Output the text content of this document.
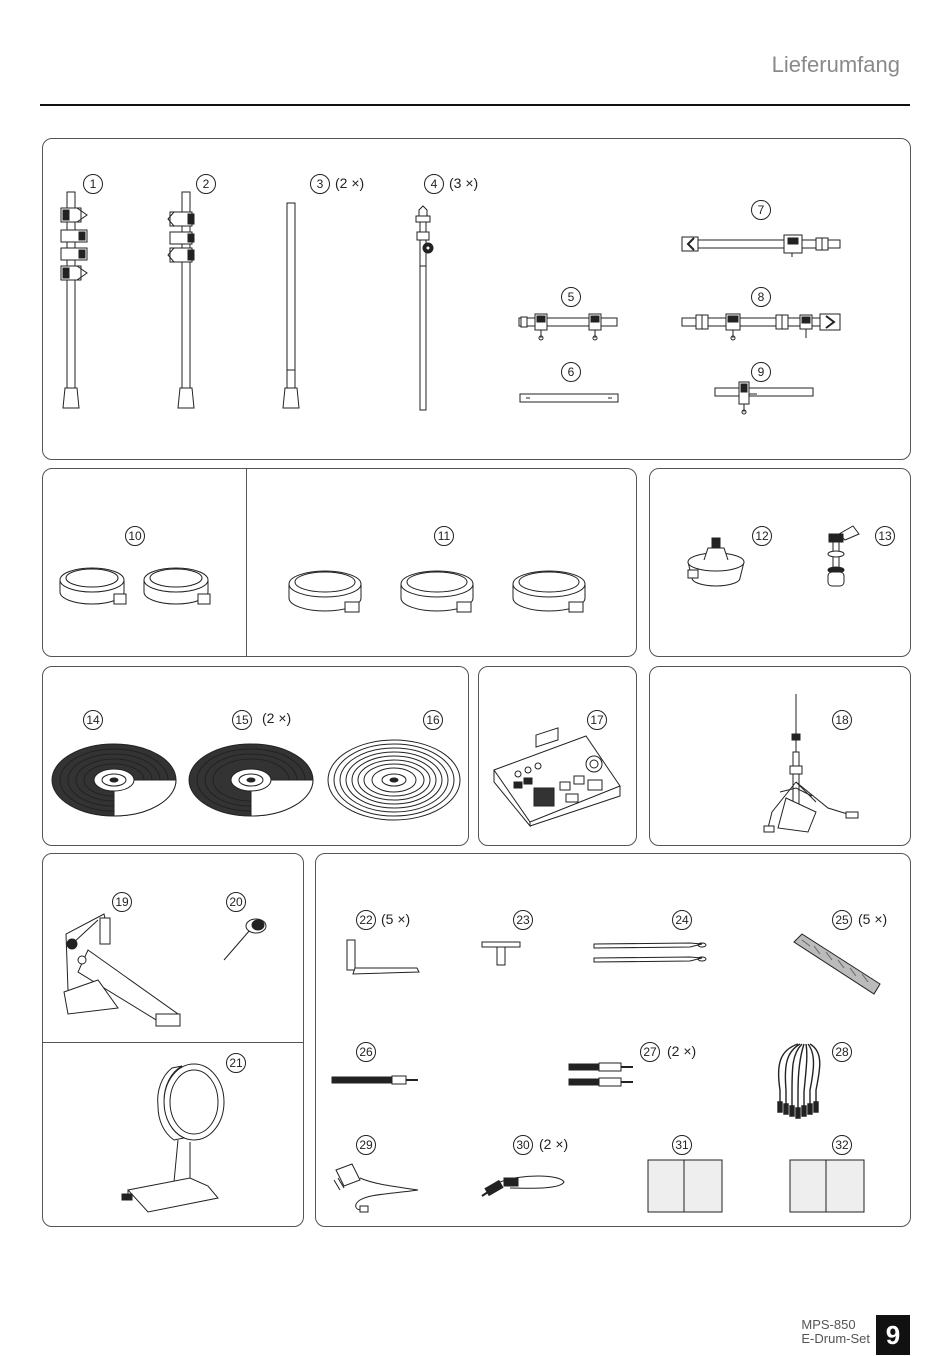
Lieferumfang
1	2	3 (2 ×)	4 (3 ×)
7
5	8
6	9
10	11	12	13
14	15 (2 ×)	16	17	18
19	20
21
22 (5 ×)	23	24	25 (5 ×)
26	27 (2 ×)	28
29	30 (2 ×)	31	32
MPS-850
E-Drum-Set 9
